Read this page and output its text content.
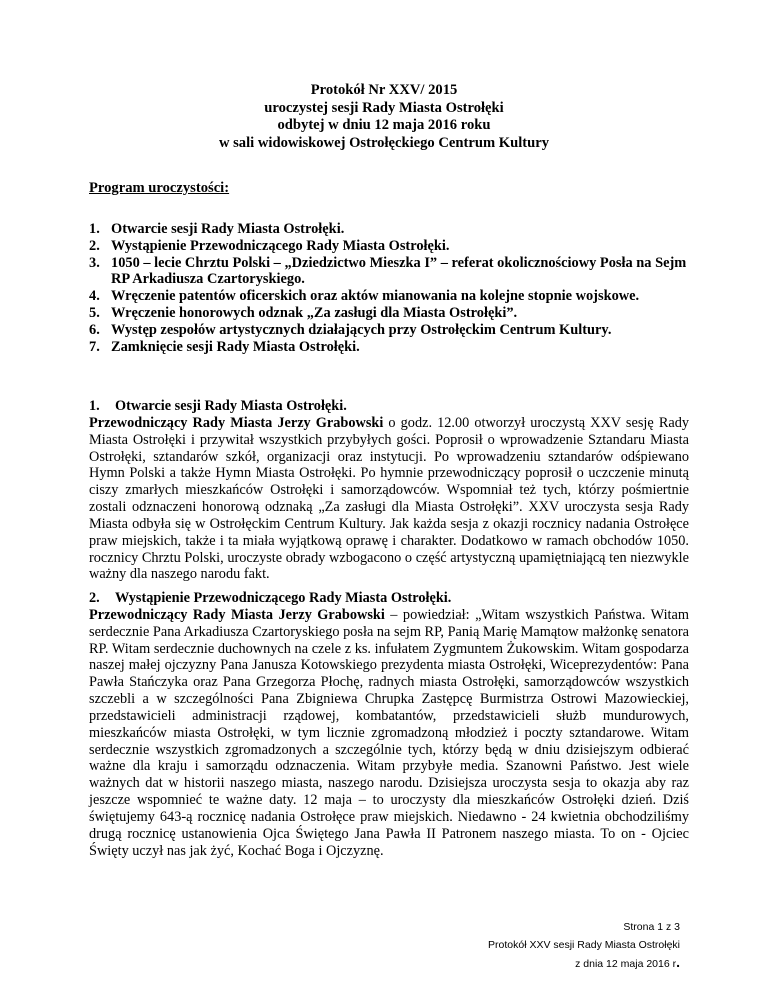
Protokół Nr XXV/ 2015
uroczystej sesji Rady Miasta Ostrołęki
odbytej w dniu 12 maja 2016 roku
w sali widowiskowej Ostrołęckiego Centrum Kultury
Program uroczystości:
1. Otwarcie sesji Rady Miasta Ostrołęki.
2. Wystąpienie Przewodniczącego Rady Miasta Ostrołęki.
3. 1050 – lecie Chrztu Polski – „Dziedzictwo Mieszka I” – referat okolicznościowy Posła na Sejm RP Arkadiusza Czartoryskiego.
4. Wręczenie patentów oficerskich oraz aktów mianowania na kolejne stopnie wojskowe.
5. Wręczenie honorowych odznak „Za zasługi dla Miasta Ostrołęki”.
6. Występ zespołów artystycznych działających przy Ostrołęckim Centrum Kultury.
7. Zamknięcie sesji Rady Miasta Ostrołęki.
1. Otwarcie sesji Rady Miasta Ostrołęki.
Przewodniczący Rady Miasta Jerzy Grabowski o godz. 12.00 otworzył uroczystą XXV sesję Rady Miasta Ostrołęki i przywitał wszystkich przybyłych gości. Poprosił o wprowadzenie Sztandaru Miasta Ostrołęki, sztandarów szkół, organizacji oraz instytucji. Po wprowadzeniu sztandarów odśpiewano Hymn Polski a także Hymn Miasta Ostrołęki. Po hymnie przewodniczący poprosił o uczczenie minutą ciszy zmarłych mieszkańców Ostrołęki i samorządowców. Wspomniał też tych, którzy pośmiertnie zostali odznaczeni honorową odznaką „Za zasługi dla Miasta Ostrołęki”. XXV uroczysta sesja Rady Miasta odbyła się w Ostrołęckim Centrum Kultury. Jak każda sesja z okazji rocznicy nadania Ostrołęce praw miejskich, także i ta miała wyjątkową oprawę i charakter. Dodatkowo w ramach obchodów 1050. rocznicy Chrztu Polski, uroczyste obrady wzbogacono o część artystyczną upamiętniającą ten niezwykle ważny dla naszego narodu fakt.
2. Wystąpienie Przewodniczącego Rady Miasta Ostrołęki.
Przewodniczący Rady Miasta Jerzy Grabowski – powiedział: „Witam wszystkich Państwa. Witam serdecznie Pana Arkadiusza Czartoryskiego posła na sejm RP, Panią Marię Mamątow małżonkę senatora RP. Witam serdecznie duchownych na czele z ks. infułatem Zygmuntem Żukowskim. Witam gospodarza naszej małej ojczyzny Pana Janusza Kotowskiego prezydenta miasta Ostrołęki, Wiceprezydentów: Pana Pawła Stańczyka oraz Pana Grzegorza Płochę, radnych miasta Ostrołęki, samorządowców wszystkich szczebli a w szczególności Pana Zbigniewa Chrupka Zastępcę Burmistrza Ostrowi Mazowieckiej, przedstawicieli administracji rządowej, kombatantów, przedstawicieli służb mundurowych, mieszkańców miasta Ostrołęki, w tym licznie zgromadzoną młodzież i poczty sztandarowe. Witam serdecznie wszystkich zgromadzonych a szczególnie tych, którzy będą w dniu dzisiejszym odbierać ważne dla kraju i samorządu odznaczenia. Witam przybyłe media. Szanowni Państwo. Jest wiele ważnych dat w historii naszego miasta, naszego narodu. Dzisiejsza uroczysta sesja to okazja aby raz jeszcze wspomnieć te ważne daty. 12 maja – to uroczysty dla mieszkańców Ostrołęki dzień. Dziś świętujemy 643-ą rocznicę nadania Ostrołęce praw miejskich. Niedawno - 24 kwietnia obchodziliśmy drugą rocznicę ustanowienia Ojca Świętego Jana Pawła II Patronem naszego miasta. To on - Ojciec Święty uczył nas jak żyć, Kochać Boga i Ojczyznę.
Strona 1 z 3
Protokół XXV sesji Rady Miasta Ostrołęki
z dnia 12 maja 2016 r.
